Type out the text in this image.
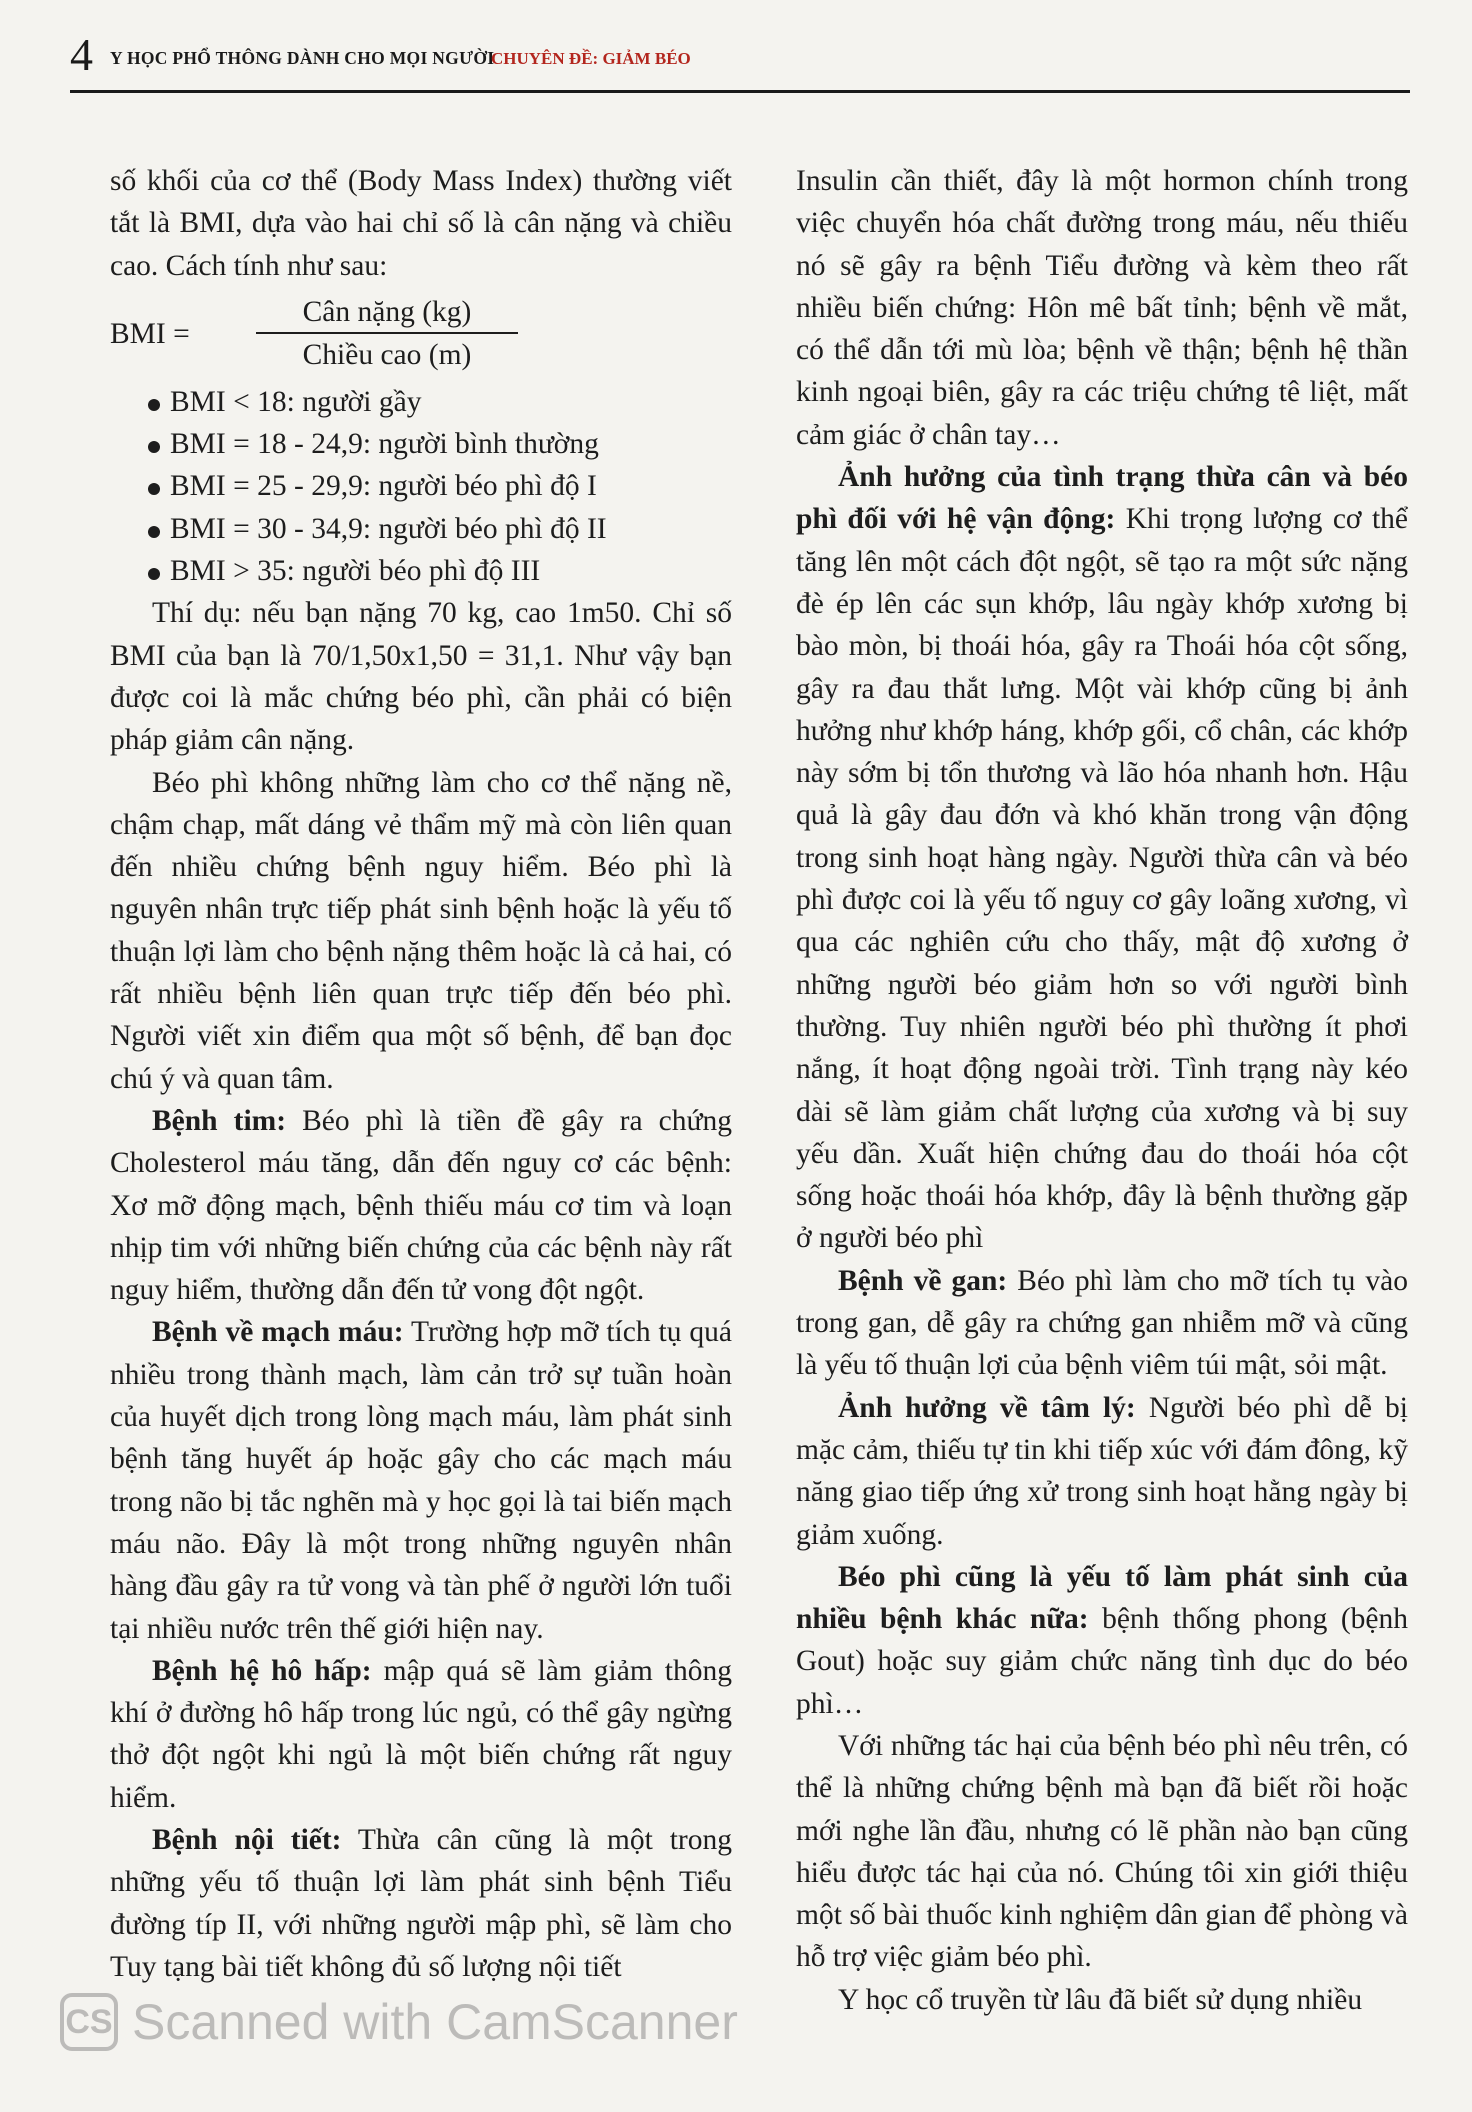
4 Y HỌC PHỔ THÔNG DÀNH CHO MỌI NGƯỜI
CHUYÊN ĐỀ: GIẢM BÉO

số khối của cơ thể (Body Mass Index) thường viết tắt là BMI, dựa vào hai chỉ số là cân nặng và chiều cao. Cách tính như sau:

BMI =	$\frac{\text{Cân nặng (kg)}}{\text{Chiều cao (m)}}$
BMI < 18: người gầy
BMI = 18 - 24,9: người bình thường
BMI = 25 - 29,9: người béo phì độ I
BMI = 30 - 34,9: người béo phì độ II
BMI > 35: người béo phì độ III

Thí dụ: nếu bạn nặng 70 kg, cao 1m50. Chỉ số BMI của bạn là 70/1,50x1,50 = 31,1. Như vậy bạn được coi là mắc chứng béo phì, cần phải có biện pháp giảm cân nặng.

Béo phì không những làm cho cơ thể nặng nề, chậm chạp, mất dáng vẻ thẩm mỹ mà còn liên quan đến nhiều chứng bệnh nguy hiểm. Béo phì là nguyên nhân trực tiếp phát sinh bệnh hoặc là yếu tố thuận lợi làm cho bệnh nặng thêm hoặc là cả hai, có rất nhiều bệnh liên quan trực tiếp đến béo phì. Người viết xin điểm qua một số bệnh, để bạn đọc chú ý và quan tâm.

Bệnh tim: Béo phì là tiền đề gây ra chứng Cholesterol máu tăng, dẫn đến nguy cơ các bệnh: Xơ mỡ động mạch, bệnh thiếu máu cơ tim và loạn nhịp tim với những biến chứng của các bệnh này rất nguy hiểm, thường dẫn đến tử vong đột ngột.

Bệnh về mạch máu: Trường hợp mỡ tích tụ quá nhiều trong thành mạch, làm cản trở sự tuần hoàn của huyết dịch trong lòng mạch máu, làm phát sinh bệnh tăng huyết áp hoặc gây cho các mạch máu trong não bị tắc nghẽn mà y học gọi là tai biến mạch máu não. Đây là một trong những nguyên nhân hàng đầu gây ra tử vong và tàn phế ở người lớn tuổi tại nhiều nước trên thế giới hiện nay.

Bệnh hệ hô hấp: mập quá sẽ làm giảm thông khí ở đường hô hấp trong lúc ngủ, có thể gây ngừng thở đột ngột khi ngủ là một biến chứng rất nguy hiểm.

Bệnh nội tiết: Thừa cân cũng là một trong những yếu tố thuận lợi làm phát sinh bệnh Tiểu đường típ II, với những người mập phì, sẽ làm cho Tuy tạng bài tiết không đủ số lượng nội tiết

Insulin cần thiết, đây là một hormon chính trong việc chuyển hóa chất đường trong máu, nếu thiếu nó sẽ gây ra bệnh Tiểu đường và kèm theo rất nhiều biến chứng: Hôn mê bất tỉnh; bệnh về mắt, có thể dẫn tới mù lòa; bệnh về thận; bệnh hệ thần kinh ngoại biên, gây ra các triệu chứng tê liệt, mất cảm giác ở chân tay…

Ảnh hưởng của tình trạng thừa cân và béo phì đối với hệ vận động: Khi trọng lượng cơ thể tăng lên một cách đột ngột, sẽ tạo ra một sức nặng đè ép lên các sụn khớp, lâu ngày khớp xương bị bào mòn, bị thoái hóa, gây ra Thoái hóa cột sống, gây ra đau thắt lưng. Một vài khớp cũng bị ảnh hưởng như khớp háng, khớp gối, cổ chân, các khớp này sớm bị tổn thương và lão hóa nhanh hơn. Hậu quả là gây đau đớn và khó khăn trong vận động trong sinh hoạt hàng ngày. Người thừa cân và béo phì được coi là yếu tố nguy cơ gây loãng xương, vì qua các nghiên cứu cho thấy, mật độ xương ở những người béo giảm hơn so với người bình thường. Tuy nhiên người béo phì thường ít phơi nắng, ít hoạt động ngoài trời. Tình trạng này kéo dài sẽ làm giảm chất lượng của xương và bị suy yếu dần. Xuất hiện chứng đau do thoái hóa cột sống hoặc thoái hóa khớp, đây là bệnh thường gặp ở người béo phì

Bệnh về gan: Béo phì làm cho mỡ tích tụ vào trong gan, dễ gây ra chứng gan nhiễm mỡ và cũng là yếu tố thuận lợi của bệnh viêm túi mật, sỏi mật.

Ảnh hưởng về tâm lý: Người béo phì dễ bị mặc cảm, thiếu tự tin khi tiếp xúc với đám đông, kỹ năng giao tiếp ứng xử trong sinh hoạt hằng ngày bị giảm xuống.

Béo phì cũng là yếu tố làm phát sinh của nhiều bệnh khác nữa: bệnh thống phong (bệnh Gout) hoặc suy giảm chức năng tình dục do béo phì…

Với những tác hại của bệnh béo phì nêu trên, có thể là những chứng bệnh mà bạn đã biết rồi hoặc mới nghe lần đầu, nhưng có lẽ phần nào bạn cũng hiểu được tác hại của nó. Chúng tôi xin giới thiệu một số bài thuốc kinh nghiệm dân gian để phòng và hỗ trợ việc giảm béo phì.

Y học cổ truyền từ lâu đã biết sử dụng nhiều

CS Scanned with CamScanner
